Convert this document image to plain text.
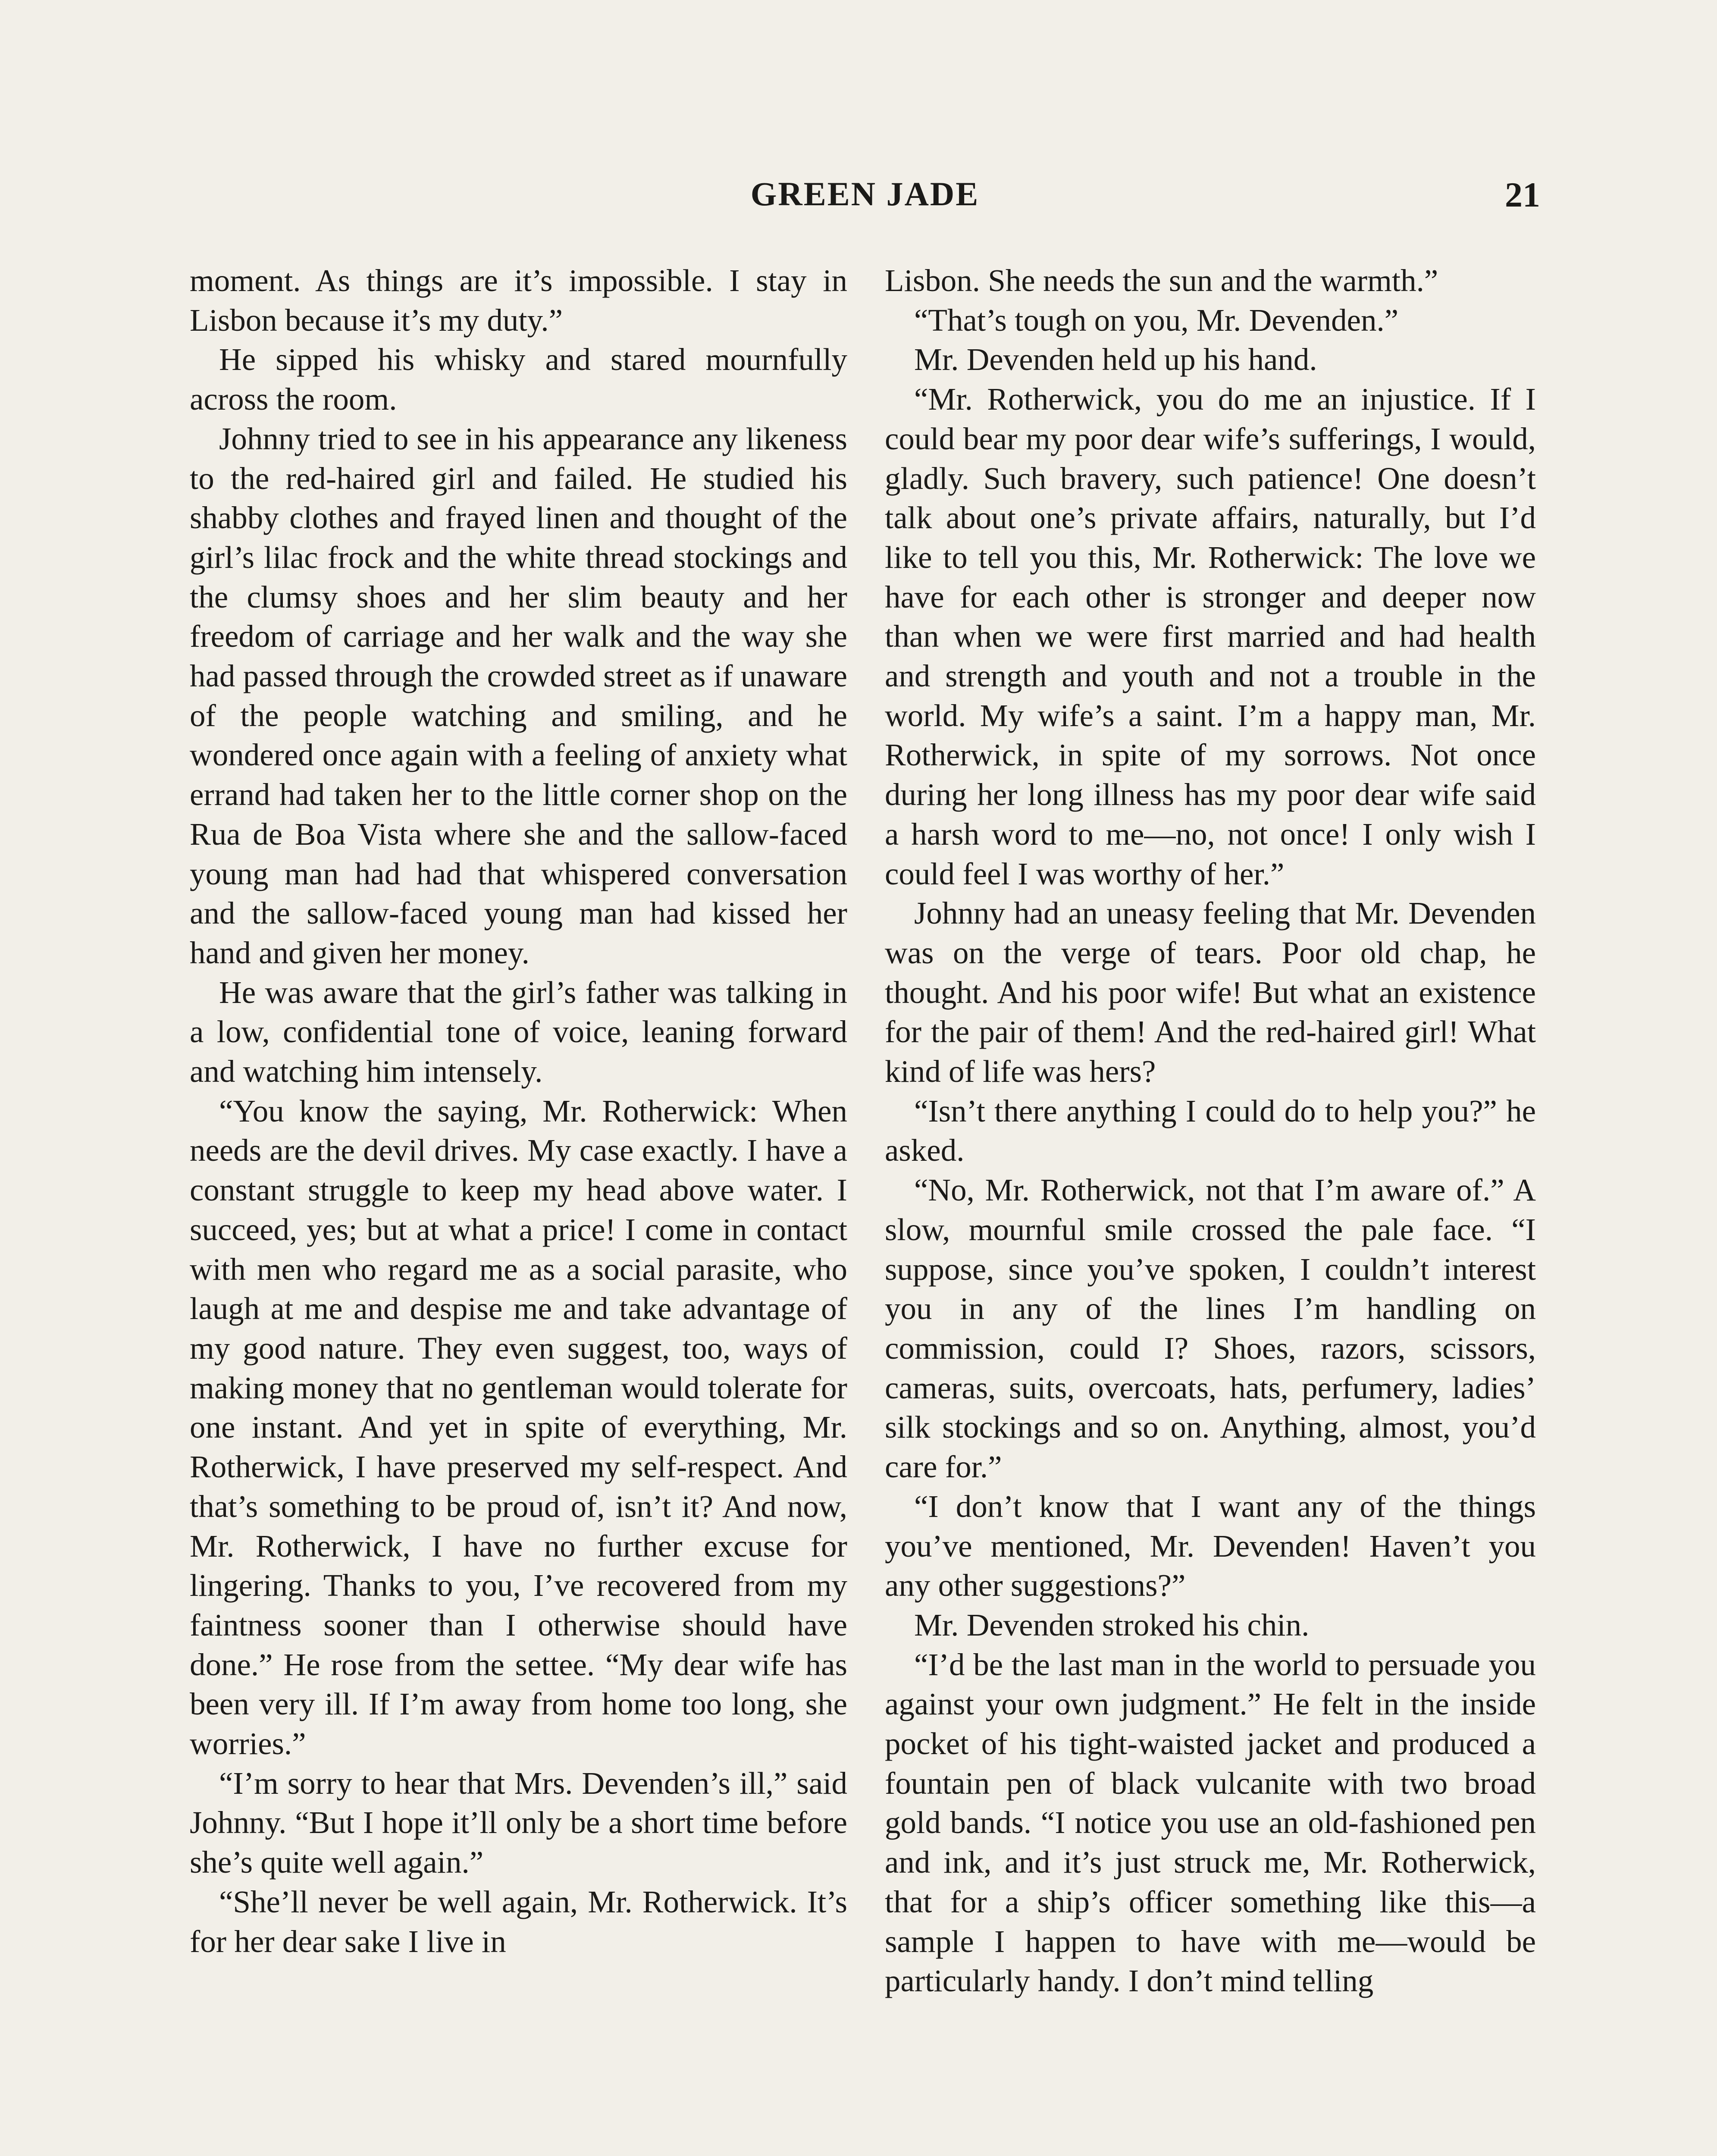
GREEN JADE	21

moment. As things are it’s impossible. I stay in Lisbon because it’s my duty.”

He sipped his whisky and stared mournfully across the room.

Johnny tried to see in his appearance any likeness to the red-haired girl and failed. He studied his shabby clothes and frayed linen and thought of the girl’s lilac frock and the white thread stockings and the clumsy shoes and her slim beauty and her freedom of carriage and her walk and the way she had passed through the crowded street as if unaware of the people watching and smiling, and he wondered once again with a feeling of anxiety what errand had taken her to the little corner shop on the Rua de Boa Vista where she and the sallow-faced young man had had that whispered conversation and the sallow-faced young man had kissed her hand and given her money.

He was aware that the girl’s father was talking in a low, confidential tone of voice, leaning forward and watching him intensely.

“You know the saying, Mr. Rotherwick: When needs are the devil drives. My case exactly. I have a constant struggle to keep my head above water. I succeed, yes; but at what a price! I come in contact with men who regard me as a social parasite, who laugh at me and despise me and take advantage of my good nature. They even suggest, too, ways of making money that no gentleman would tolerate for one instant. And yet in spite of everything, Mr. Rotherwick, I have preserved my self-respect. And that’s something to be proud of, isn’t it? And now, Mr. Rotherwick, I have no further excuse for lingering. Thanks to you, I’ve recovered from my faintness sooner than I otherwise should have done.” He rose from the settee. “My dear wife has been very ill. If I’m away from home too long, she worries.”

“I’m sorry to hear that Mrs. Devenden’s ill,” said Johnny. “But I hope it’ll only be a short time before she’s quite well again.”

“She’ll never be well again, Mr. Rotherwick. It’s for her dear sake I live in

Lisbon. She needs the sun and the warmth.”

“That’s tough on you, Mr. Devenden.”

Mr. Devenden held up his hand.

“Mr. Rotherwick, you do me an injustice. If I could bear my poor dear wife’s sufferings, I would, gladly. Such bravery, such patience! One doesn’t talk about one’s private affairs, naturally, but I’d like to tell you this, Mr. Rotherwick: The love we have for each other is stronger and deeper now than when we were first married and had health and strength and youth and not a trouble in the world. My wife’s a saint. I’m a happy man, Mr. Rotherwick, in spite of my sorrows. Not once during her long illness has my poor dear wife said a harsh word to me—no, not once! I only wish I could feel I was worthy of her.”

Johnny had an uneasy feeling that Mr. Devenden was on the verge of tears. Poor old chap, he thought. And his poor wife! But what an existence for the pair of them! And the red-haired girl! What kind of life was hers?

“Isn’t there anything I could do to help you?” he asked.

“No, Mr. Rotherwick, not that I’m aware of.” A slow, mournful smile crossed the pale face. “I suppose, since you’ve spoken, I couldn’t interest you in any of the lines I’m handling on commission, could I? Shoes, razors, scissors, cameras, suits, overcoats, hats, perfumery, ladies’ silk stockings and so on. Anything, almost, you’d care for.”

“I don’t know that I want any of the things you’ve mentioned, Mr. Devenden! Haven’t you any other suggestions?”

Mr. Devenden stroked his chin.

“I’d be the last man in the world to persuade you against your own judgment.” He felt in the inside pocket of his tight-waisted jacket and produced a fountain pen of black vulcanite with two broad gold bands. “I notice you use an old-fashioned pen and ink, and it’s just struck me, Mr. Rotherwick, that for a ship’s officer something like this—a sample I happen to have with me—would be particularly handy. I don’t mind telling
